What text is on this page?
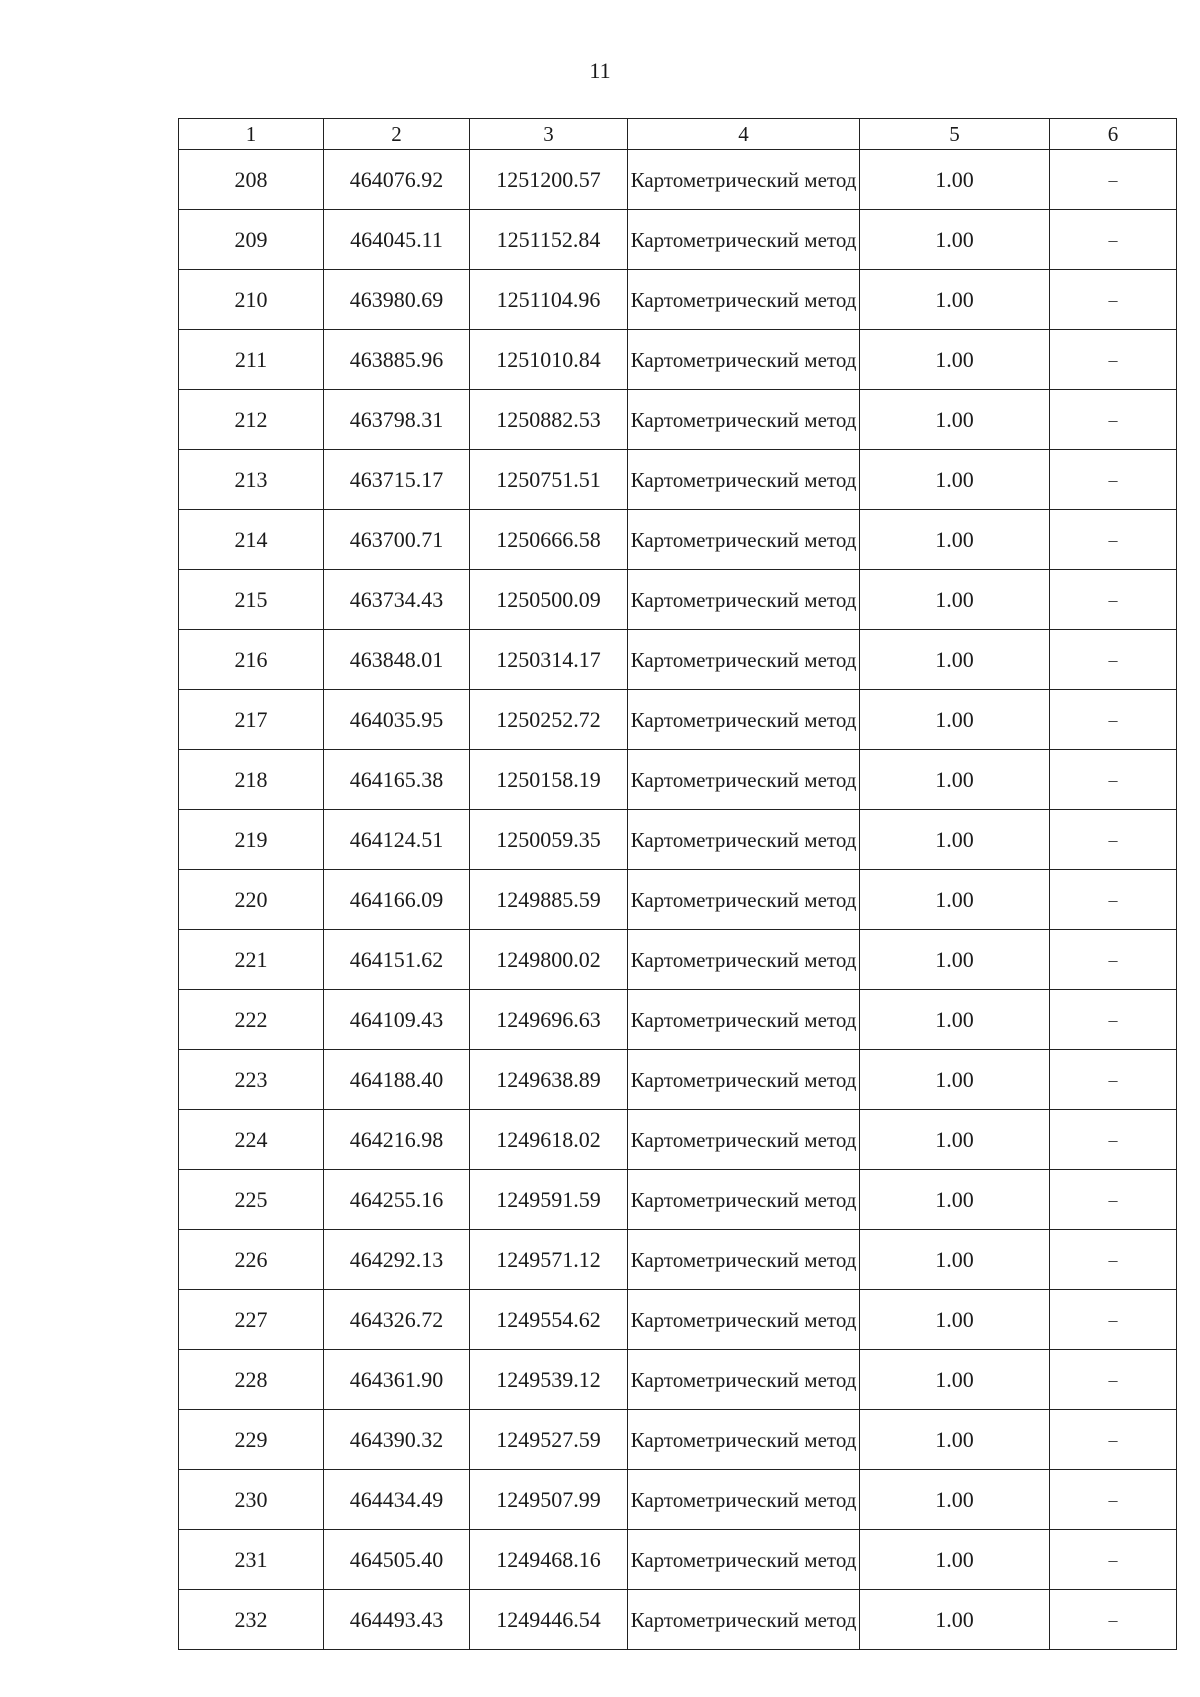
11
1	2	3	4	5	6
208	464076.92	1251200.57	Картометрический метод	1.00	–
209	464045.11	1251152.84	Картометрический метод	1.00	–
210	463980.69	1251104.96	Картометрический метод	1.00	–
211	463885.96	1251010.84	Картометрический метод	1.00	–
212	463798.31	1250882.53	Картометрический метод	1.00	–
213	463715.17	1250751.51	Картометрический метод	1.00	–
214	463700.71	1250666.58	Картометрический метод	1.00	–
215	463734.43	1250500.09	Картометрический метод	1.00	–
216	463848.01	1250314.17	Картометрический метод	1.00	–
217	464035.95	1250252.72	Картометрический метод	1.00	–
218	464165.38	1250158.19	Картометрический метод	1.00	–
219	464124.51	1250059.35	Картометрический метод	1.00	–
220	464166.09	1249885.59	Картометрический метод	1.00	–
221	464151.62	1249800.02	Картометрический метод	1.00	–
222	464109.43	1249696.63	Картометрический метод	1.00	–
223	464188.40	1249638.89	Картометрический метод	1.00	–
224	464216.98	1249618.02	Картометрический метод	1.00	–
225	464255.16	1249591.59	Картометрический метод	1.00	–
226	464292.13	1249571.12	Картометрический метод	1.00	–
227	464326.72	1249554.62	Картометрический метод	1.00	–
228	464361.90	1249539.12	Картометрический метод	1.00	–
229	464390.32	1249527.59	Картометрический метод	1.00	–
230	464434.49	1249507.99	Картометрический метод	1.00	–
231	464505.40	1249468.16	Картометрический метод	1.00	–
232	464493.43	1249446.54	Картометрический метод	1.00	–
